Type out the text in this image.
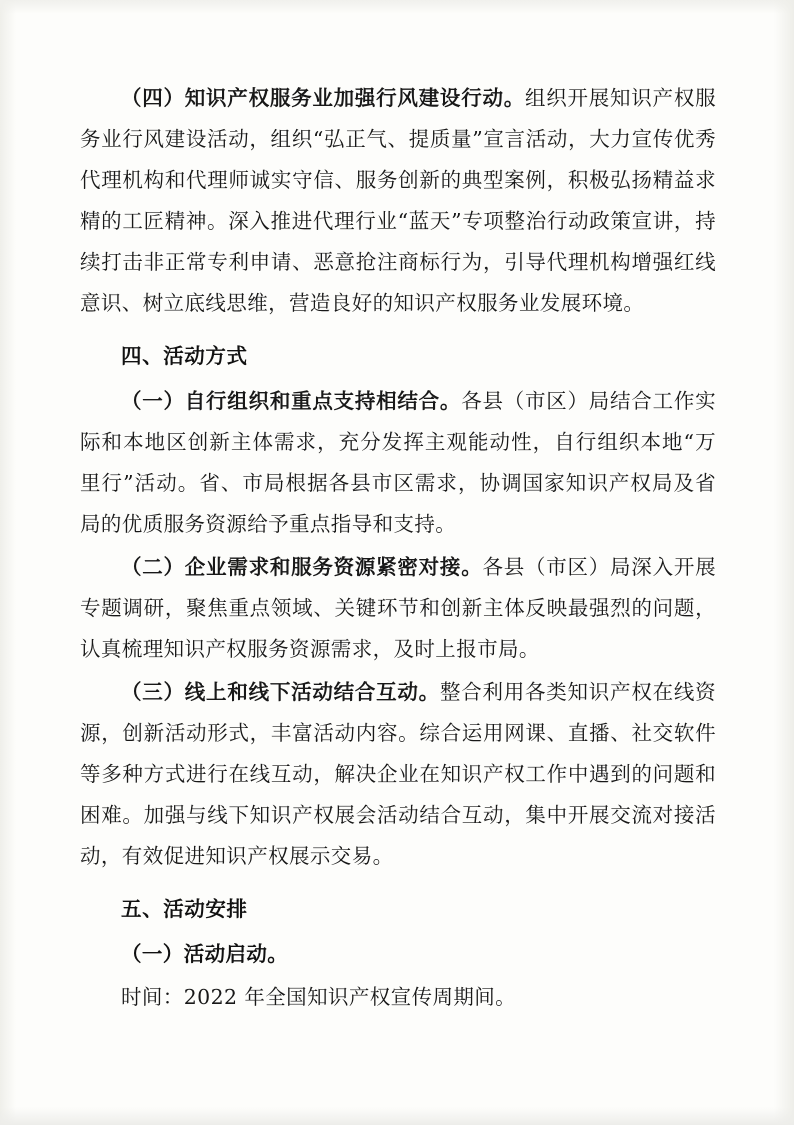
（四）知识产权服务业加强行风建设行动。组织开展知识产权服务业行风建设活动，组织“弘正气、提质量”宣言活动，大力宣传优秀代理机构和代理师诚实守信、服务创新的典型案例，积极弘扬精益求精的工匠精神。深入推进代理行业“蓝天”专项整治行动政策宣讲，持续打击非正常专利申请、恶意抢注商标行为，引导代理机构增强红线意识、树立底线思维，营造良好的知识产权服务业发展环境。

四、活动方式

（一）自行组织和重点支持相结合。各县（市区）局结合工作实际和本地区创新主体需求，充分发挥主观能动性，自行组织本地“万里行”活动。省、市局根据各县市区需求，协调国家知识产权局及省局的优质服务资源给予重点指导和支持。

（二）企业需求和服务资源紧密对接。各县（市区）局深入开展专题调研，聚焦重点领域、关键环节和创新主体反映最强烈的问题，认真梳理知识产权服务资源需求，及时上报市局。

（三）线上和线下活动结合互动。整合利用各类知识产权在线资源，创新活动形式，丰富活动内容。综合运用网课、直播、社交软件等多种方式进行在线互动，解决企业在知识产权工作中遇到的问题和困难。加强与线下知识产权展会活动结合互动，集中开展交流对接活动，有效促进知识产权展示交易。

五、活动安排

（一）活动启动。

时间：2022 年全国知识产权宣传周期间。
